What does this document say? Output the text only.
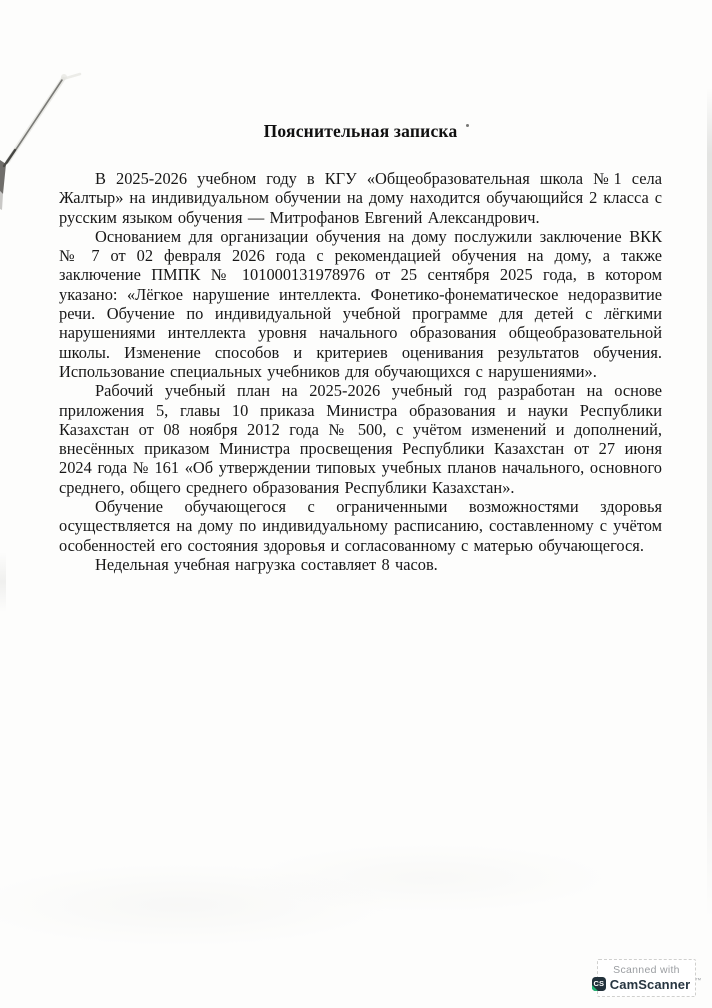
Пояснительная записка

В 2025-2026 учебном году в КГУ «Общеобразовательная школа №1 села Жалтыр» на индивидуальном обучении на дому находится обучающийся 2 класса с русским языком обучения — Митрофанов Евгений Александрович.

Основанием для организации обучения на дому послужили заключение ВКК № 7 от 02 февраля 2026 года с рекомендацией обучения на дому, а также заключение ПМПК № 101000131978976 от 25 сентября 2025 года, в котором указано: «Лёгкое нарушение интеллекта. Фонетико-фонематическое недоразвитие речи. Обучение по индивидуальной учебной программе для детей с лёгкими нарушениями интеллекта уровня начального образования общеобразовательной школы. Изменение способов и критериев оценивания результатов обучения. Использование специальных учебников для обучающихся с нарушениями».

Рабочий учебный план на 2025-2026 учебный год разработан на основе приложения 5, главы 10 приказа Министра образования и науки Республики Казахстан от 08 ноября 2012 года № 500, с учётом изменений и дополнений, внесённых приказом Министра просвещения Республики Казахстан от 27 июня 2024 года № 161 «Об утверждении типовых учебных планов начального, основного среднего, общего среднего образования Республики Казахстан».

Обучение обучающегося с ограниченными возможностями здоровья осуществляется на дому по индивидуальному расписанию, составленному с учётом особенностей его состояния здоровья и согласованному с матерью обучающегося.

Недельная учебная нагрузка составляет 8 часов.

Scanned with
CS CamScanner ™
